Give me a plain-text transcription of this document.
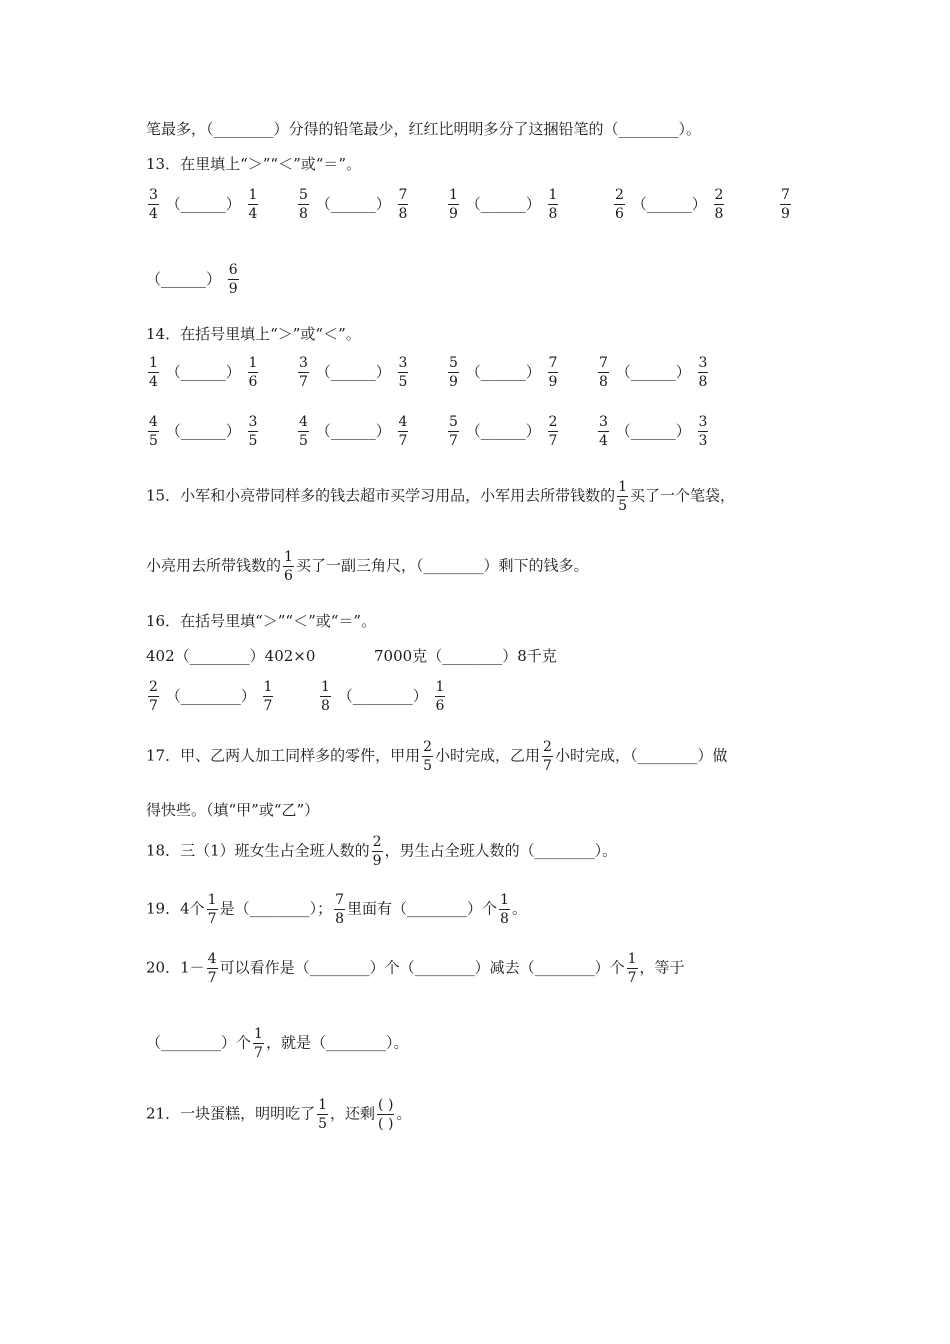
笔最多，（________）分得的铅笔最少，红红比明明多分了这捆铅笔的（________）。
13．在里填上“＞”“＜”或“＝”。
$\frac{3}{4}$ （______） $\frac{1}{4}$	$\frac{5}{8}$ （______） $\frac{7}{8}$	$\frac{1}{9}$ （______） $\frac{1}{8}$	$\frac{2}{6}$ （______） $\frac{2}{8}$	$\frac{7}{9}$
（______） $\frac{6}{9}$
14．在括号里填上“＞”或“＜”。
$\frac{1}{4}$ （______） $\frac{1}{6}$	$\frac{3}{7}$ （______） $\frac{3}{5}$	$\frac{5}{9}$ （______） $\frac{7}{9}$	$\frac{7}{8}$ （______） $\frac{3}{8}$
$\frac{4}{5}$ （______） $\frac{3}{5}$	$\frac{4}{5}$ （______） $\frac{4}{7}$	$\frac{5}{7}$ （______） $\frac{2}{7}$	$\frac{3}{4}$ （______） $\frac{3}{3}$
15．小军和小亮带同样多的钱去超市买学习用品，小军用去所带钱数的 $\frac{1}{5}$ 买了一个笔袋，
小亮用去所带钱数的 $\frac{1}{6}$ 买了一副三角尺，（________）剩下的钱多。
16．在括号里填“＞”“＜”或“＝”。
402（________）402×0	7000克（________）8千克
$\frac{2}{7}$ （________） $\frac{1}{7}$	$\frac{1}{8}$ （________） $\frac{1}{6}$
17．甲、乙两人加工同样多的零件，甲用 $\frac{2}{5}$ 小时完成，乙用 $\frac{2}{7}$ 小时完成，（________）做
得快些。（填“甲”或“乙”）
18．三（1）班女生占全班人数的 $\frac{2}{9}$ ，男生占全班人数的（________）。
19．4个 $\frac{1}{7}$ 是（________）； $\frac{7}{8}$ 里面有（________）个 $\frac{1}{8}$ 。
20．$1- \frac{4}{7}$ 可以看作是（________）个（________）减去（________）个 $\frac{1}{7}$ ，等于
（________）个 $\frac{1}{7}$ ，就是（________）。
21．一块蛋糕，明明吃了 $\frac{1}{5}$ ，还剩 $\frac{( )}{( )}$ 。
